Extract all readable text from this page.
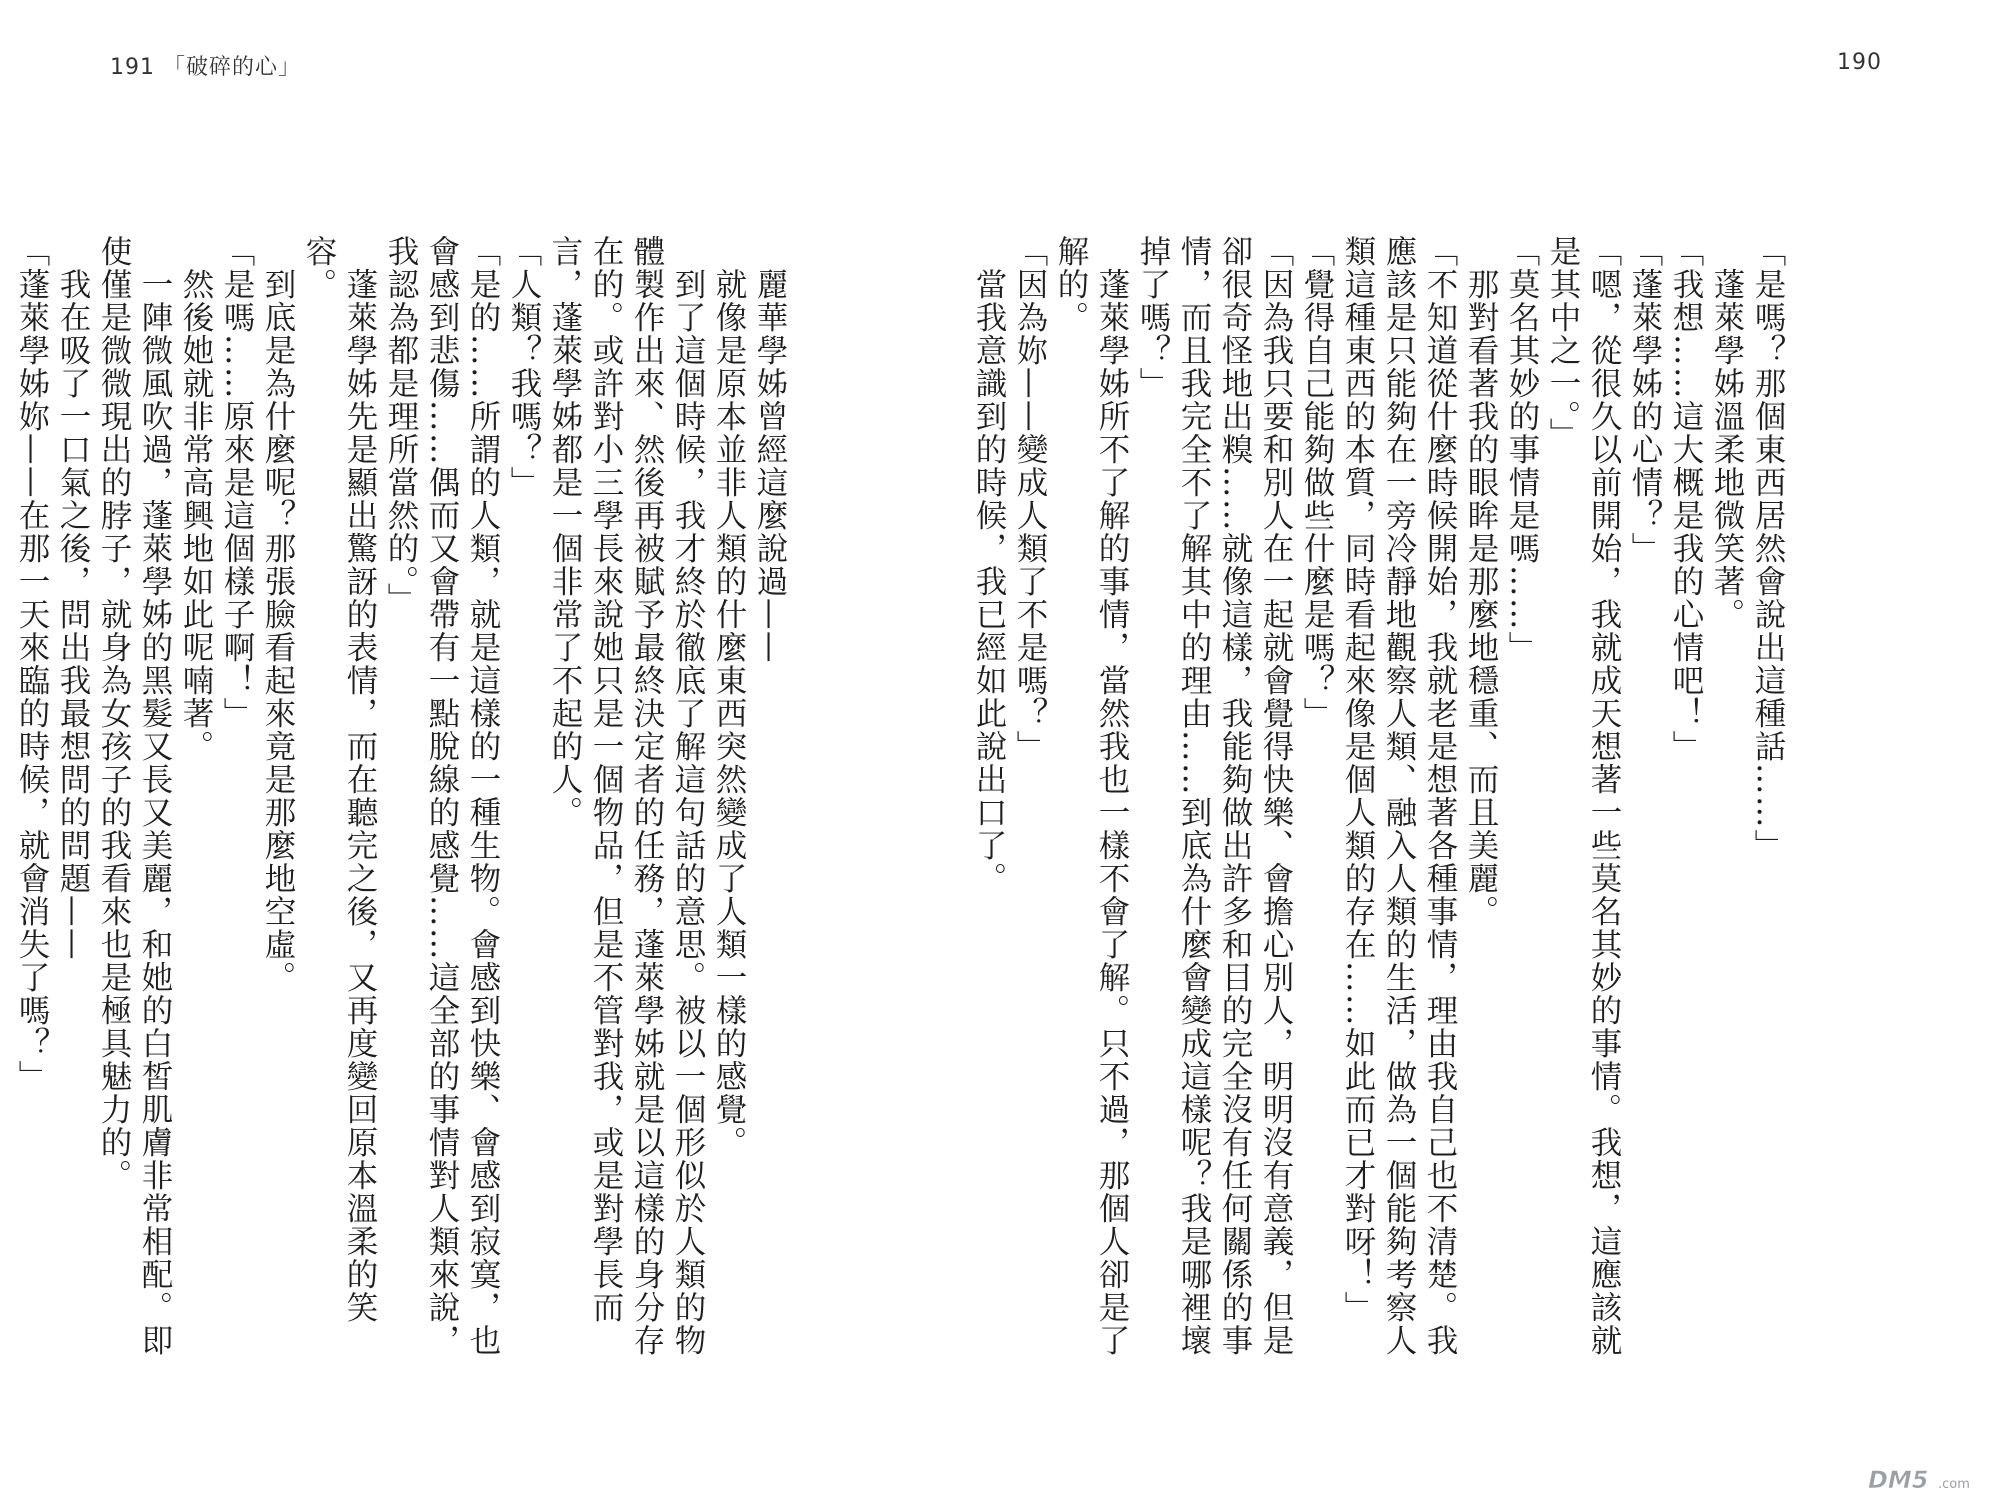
191 「破碎的心」	190

「是嗎？那個東西居然會說出這種話……」

　蓬萊學姊溫柔地微笑著。

「我想……這大概是我的心情吧！」

「蓬萊學姊的心情？」

「嗯，從很久以前開始，我就成天想著一些莫名其妙的事情。我想，這應該就是其中之一。」

「莫名其妙的事情是嗎……」

　那對看著我的眼眸是那麼地穩重、而且美麗。

「不知道從什麼時候開始，我就老是想著各種事情，理由我自己也不清楚。我應該是只能夠在一旁冷靜地觀察人類、融入人類的生活，做為一個能夠考察人類這種東西的本質，同時看起來像是個人類的存在……如此而已才對呀！」

「覺得自己能夠做些什麼是嗎？」

「因為我只要和別人在一起就會覺得快樂、會擔心別人，明明沒有意義，但是卻很奇怪地出糗……就像這樣，我能夠做出許多和目的完全沒有任何關係的事情，而且我完全不了解其中的理由……到底為什麼會變成這樣呢？我是哪裡壞掉了嗎？」

　蓬萊學姊所不了解的事情，當然我也一樣不會了解。只不過，那個人卻是了解的。

「因為妳——變成人類了不是嗎？」

　當我意識到的時候，我已經如此說出口了。

　麗華學姊曾經這麼說過——

　就像是原本並非人類的什麼東西突然變成了人類一樣的感覺。

　到了這個時候，我才終於徹底了解這句話的意思。被以一個形似於人類的物體製作出來、然後再被賦予最終決定者的任務，蓬萊學姊就是以這樣的身分存在的。或許對小三學長來說她只是一個物品，但是不管對我，或是對學長而言，蓬萊學姊都是一個非常了不起的人。

「人類？我嗎？」

「是的……所謂的人類，就是這樣的一種生物。會感到快樂、會感到寂寞，也會感到悲傷……偶而又會帶有一點脫線的感覺……這全部的事情對人類來說，我認為都是理所當然的。」

　蓬萊學姊先是顯出驚訝的表情，而在聽完之後，又再度變回原本溫柔的笑容。

　到底是為什麼呢？那張臉看起來竟是那麼地空虛。

「是嗎……原來是這個樣子啊！」

　然後她就非常高興地如此呢喃著。

　一陣微風吹過，蓬萊學姊的黑髮又長又美麗，和她的白皙肌膚非常相配。即使僅是微微現出的脖子，就身為女孩子的我看來也是極具魅力的。

　我在吸了一口氣之後，問出我最想問的問題——

「蓬萊學姊妳——在那一天來臨的時候，就會消失了嗎？」

DM5 .com
